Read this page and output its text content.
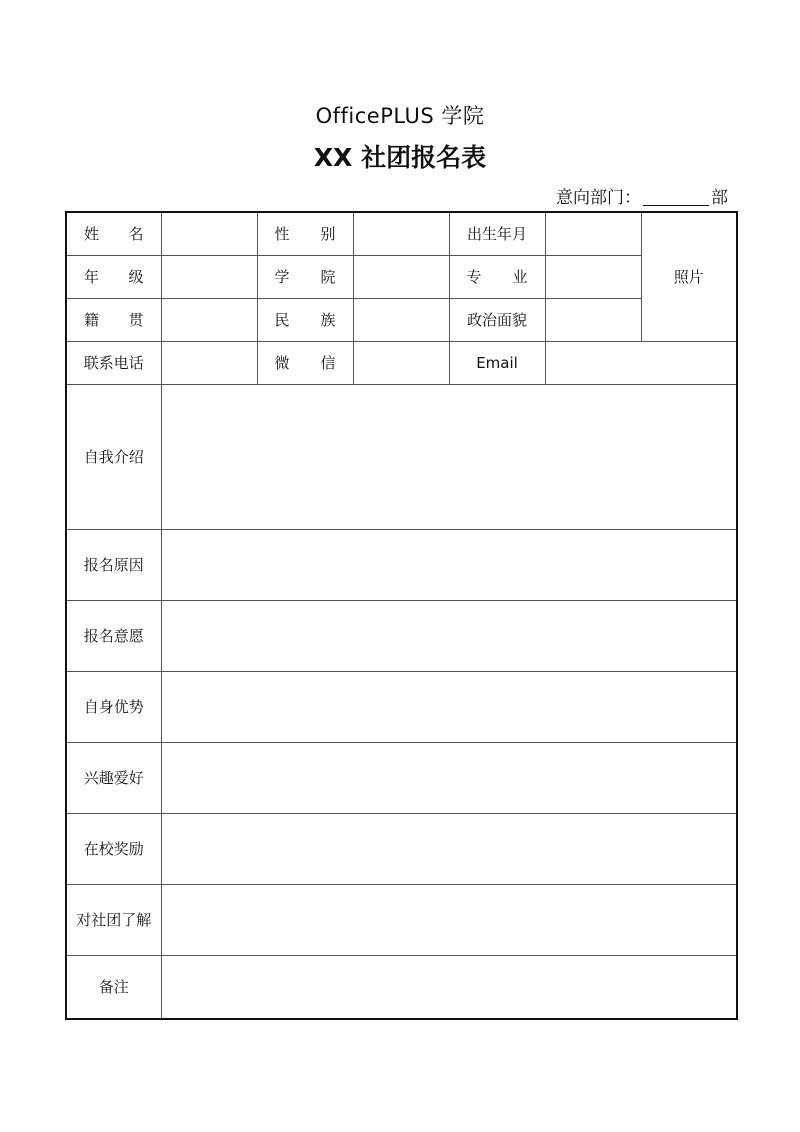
OfficePLUS 学院
XX 社团报名表
意向部门：	部
姓 名		性 别		出生年月		照片

年 级		学 院		专 业		

籍 贯		民 族		政治面貌		
联系电话		微 信		Email		
自我介绍						
报名原因						
报名意愿						
自身优势						
兴趣爱好						
在校奖励						
对社团了解						
备注						
